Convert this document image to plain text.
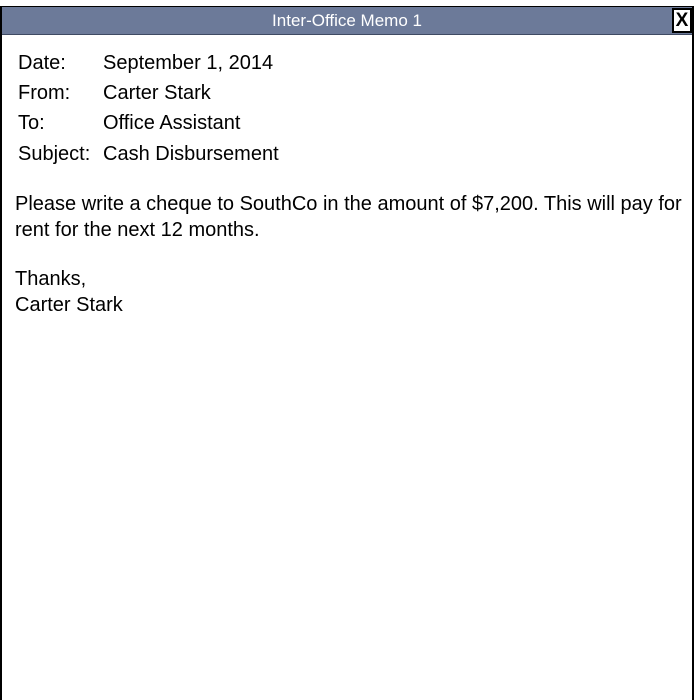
Inter-Office Memo 1	X
Date:	September 1, 2014
From:	Carter Stark
To:	Office Assistant
Subject:	Cash Disbursement

Please write a cheque to SouthCo in the amount of $7,200. This will pay for rent for the next 12 months.

Thanks,
Carter Stark
